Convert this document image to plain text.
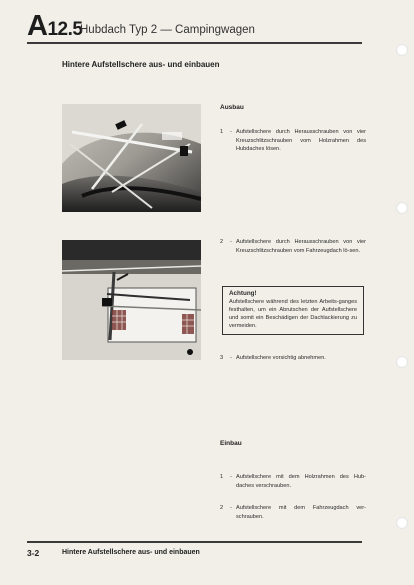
A12.5
Hubdach Typ 2 — Campingwagen
Hintere Aufstellschere aus- und einbauen
Ausbau
1	- Aufstellschere durch Herausschrauben von vier Kreuzschlitzschrauben vom Holzrahmen des Hubdaches lösen.
2	- Aufstellschere durch Herausschrauben von vier Kreuzschlitzschrauben vom Fahrzeugdach lö-sen.
Achtung!
Aufstellschere während des letzten Arbeits-ganges festhalten, um ein Abrutschen der Aufstellschere und somit ein Beschädigen der Dachlackierung zu vermeiden.
3	- Aufstellschere vorsichtig abnehmen.
Einbau
1	- Aufstellschere mit dem Holzrahmen des Hub-daches verschrauben.
2	- Aufstellschere mit dem Fahrzeugdach ver-schrauben.
3-2	Hintere Aufstellschere aus- und einbauen
